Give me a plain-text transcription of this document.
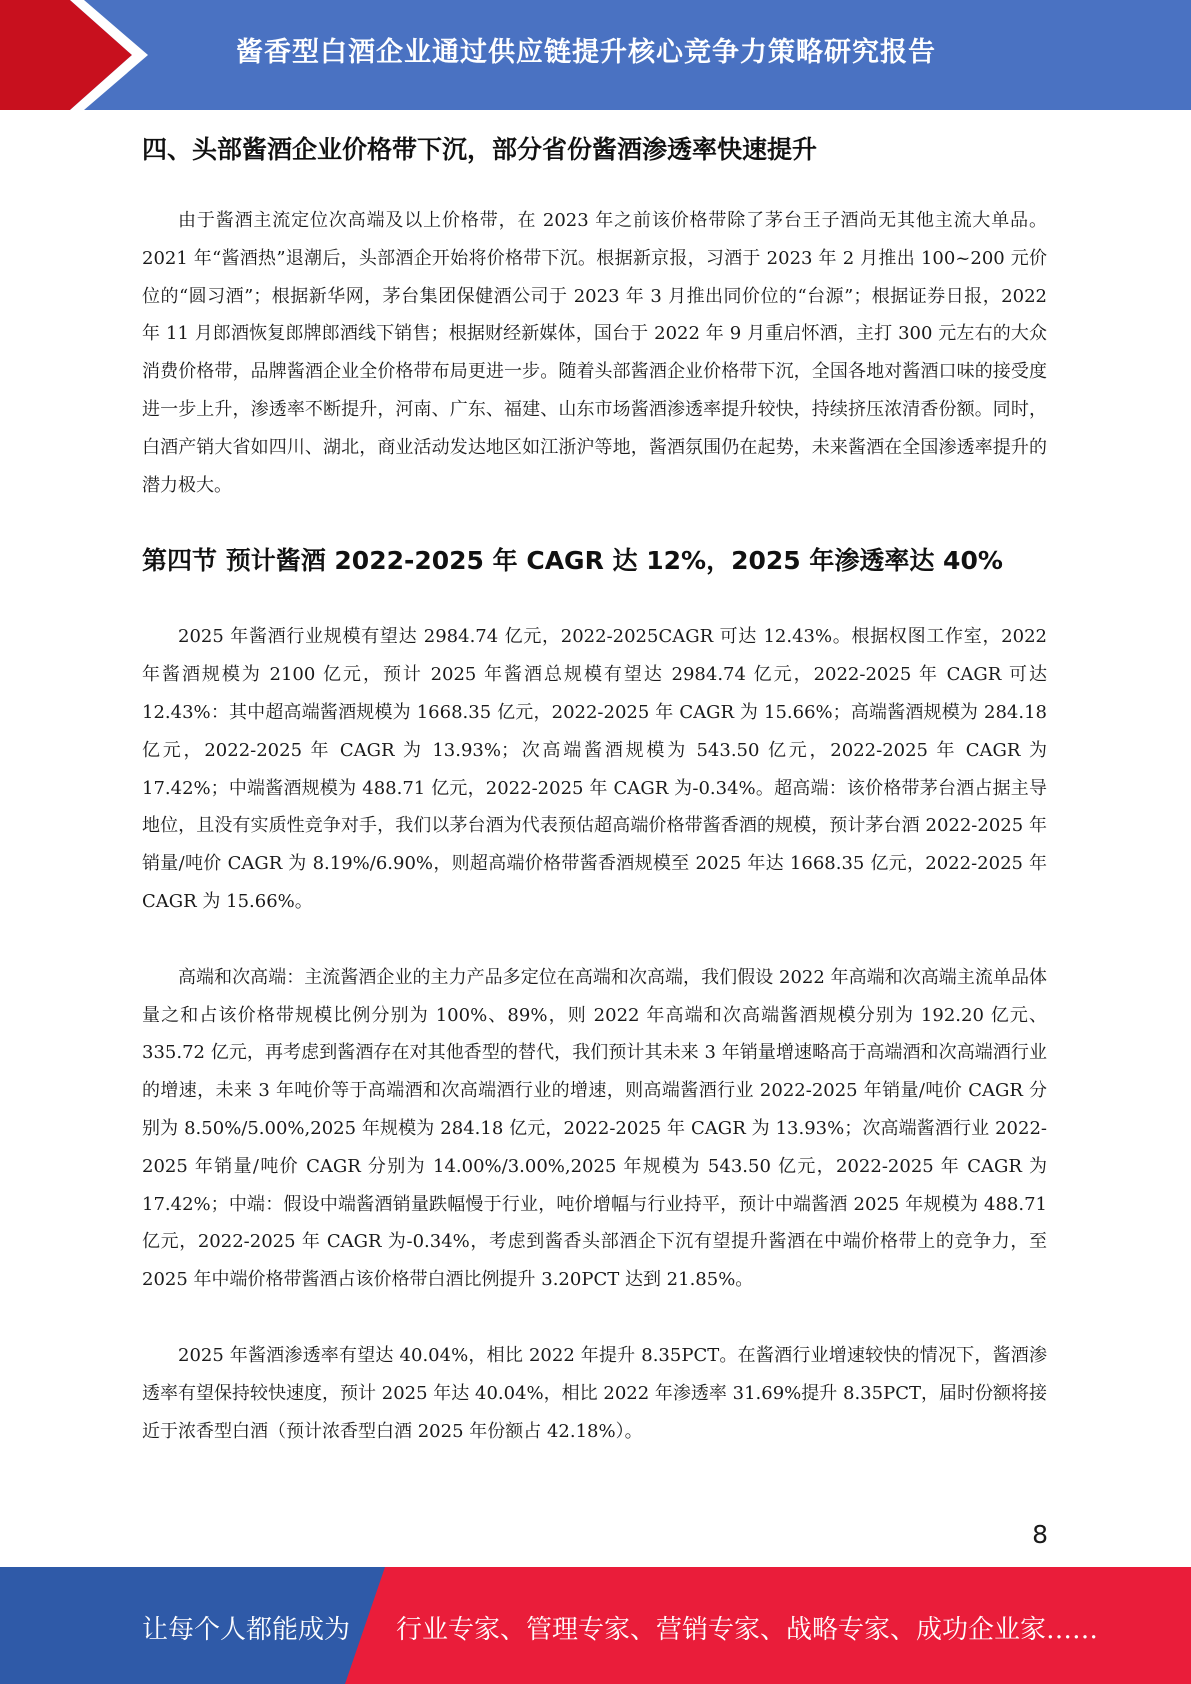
酱香型白酒企业通过供应链提升核心竞争力策略研究报告
四、头部酱酒企业价格带下沉，部分省份酱酒渗透率快速提升

由于酱酒主流定位次高端及以上价格带，在 2023 年之前该价格带除了茅台王子酒尚无其他主流大单品。2021 年“酱酒热”退潮后，头部酒企开始将价格带下沉。根据新京报，习酒于 2023 年 2 月推出 100~200 元价位的“圆习酒”；根据新华网，茅台集团保健酒公司于 2023 年 3 月推出同价位的“台源”；根据证券日报，2022 年 11 月郎酒恢复郎牌郎酒线下销售；根据财经新媒体，国台于 2022 年 9 月重启怀酒，主打 300 元左右的大众消费价格带，品牌酱酒企业全价格带布局更进一步。随着头部酱酒企业价格带下沉，全国各地对酱酒口味的接受度进一步上升，渗透率不断提升，河南、广东、福建、山东市场酱酒渗透率提升较快，持续挤压浓清香份额。同时，白酒产销大省如四川、湖北，商业活动发达地区如江浙沪等地，酱酒氛围仍在起势，未来酱酒在全国渗透率提升的潜力极大。

第四节 预计酱酒 2022-2025 年 CAGR 达 12%，2025 年渗透率达 40%

2025 年酱酒行业规模有望达 2984.74 亿元，2022-2025CAGR 可达 12.43%。根据权图工作室，2022 年酱酒规模为 2100 亿元，预计 2025 年酱酒总规模有望达 2984.74 亿元，2022-2025 年 CAGR 可达 12.43%：其中超高端酱酒规模为 1668.35 亿元，2022-2025 年 CAGR 为 15.66%；高端酱酒规模为 284.18 亿元，2022-2025 年 CAGR 为 13.93%；次高端酱酒规模为 543.50 亿元，2022-2025 年 CAGR 为 17.42%；中端酱酒规模为 488.71 亿元，2022-2025 年 CAGR 为-0.34%。超高端：该价格带茅台酒占据主导地位，且没有实质性竞争对手，我们以茅台酒为代表预估超高端价格带酱香酒的规模，预计茅台酒 2022-2025 年销量/吨价 CAGR 为 8.19%/6.90%，则超高端价格带酱香酒规模至 2025 年达 1668.35 亿元，2022-2025 年 CAGR 为 15.66%。

高端和次高端：主流酱酒企业的主力产品多定位在高端和次高端，我们假设 2022 年高端和次高端主流单品体量之和占该价格带规模比例分别为 100%、89%，则 2022 年高端和次高端酱酒规模分别为 192.20 亿元、335.72 亿元，再考虑到酱酒存在对其他香型的替代，我们预计其未来 3 年销量增速略高于高端酒和次高端酒行业的增速，未来 3 年吨价等于高端酒和次高端酒行业的增速，则高端酱酒行业 2022-2025 年销量/吨价 CAGR 分别为 8.50%/5.00%,2025 年规模为 284.18 亿元，2022-2025 年 CAGR 为 13.93%；次高端酱酒行业 2022-2025 年销量/吨价 CAGR 分别为 14.00%/3.00%,2025 年规模为 543.50 亿元，2022-2025 年 CAGR 为 17.42%；中端：假设中端酱酒销量跌幅慢于行业，吨价增幅与行业持平，预计中端酱酒 2025 年规模为 488.71 亿元，2022-2025 年 CAGR 为-0.34%，考虑到酱香头部酒企下沉有望提升酱酒在中端价格带上的竞争力，至 2025 年中端价格带酱酒占该价格带白酒比例提升 3.20PCT 达到 21.85%。

2025 年酱酒渗透率有望达 40.04%，相比 2022 年提升 8.35PCT。在酱酒行业增速较快的情况下，酱酒渗透率有望保持较快速度，预计 2025 年达 40.04%，相比 2022 年渗透率 31.69%提升 8.35PCT，届时份额将接近于浓香型白酒（预计浓香型白酒 2025 年份额占 42.18%）。

8
让每个人都能成为 行业专家、管理专家、营销专家、战略专家、成功企业家……
